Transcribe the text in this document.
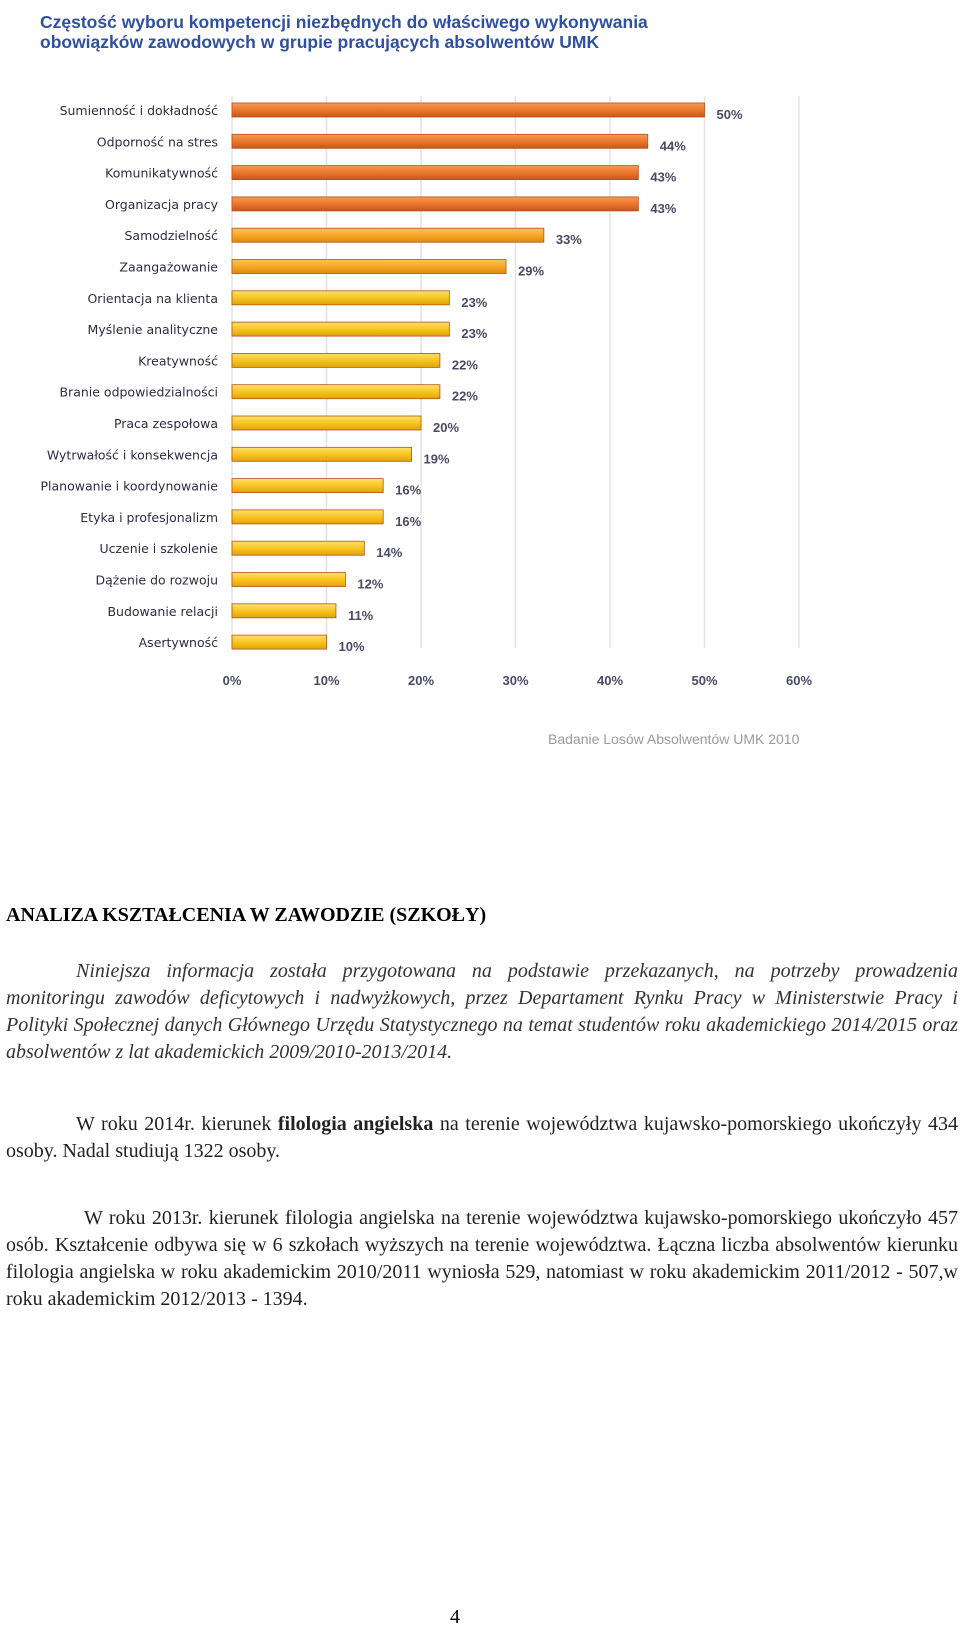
Częstość wyboru kompetencji niezbędnych do właściwego wykonywania obowiązków zawodowych w grupie pracujących absolwentów UMK
Sumienność i dokładność
Odporność na stres
Komunikatywność
Organizacja pracy
Samodzielność
Zaangażowanie
Orientacja na klienta
Myślenie analityczne
Kreatywność
Branie odpowiedzialności
Praca zespołowa
Wytrwałość i konsekwencja
Planowanie i koordynowanie
Etyka i profesjonalizm
Uczenie i szkolenie
Dążenie do rozwoju
Budowanie relacji
Asertywność
50%
44%
43%
43%
33%
29%
23%
23%
22%
22%
20%
19%
16%
16%
14%
12%
11%
10%
0%	10%	20%	30%	40%	50%	60%
Badanie Losów Absolwentów UMK 2010
ANALIZA KSZTAŁCENIA W ZAWODZIE (SZKOŁY)

Niniejsza informacja została przygotowana na podstawie przekazanych, na potrzeby prowadzenia monitoringu zawodów deficytowych i nadwyżkowych, przez Departament Rynku Pracy w Ministerstwie Pracy i Polityki Społecznej danych Głównego Urzędu Statystycznego na temat studentów roku akademickiego 2014/2015 oraz absolwentów z lat akademickich 2009/2010-2013/2014.

W roku 2014r. kierunek filologia angielska na terenie województwa kujawsko-pomorskiego ukończyły 434 osoby. Nadal studiują 1322 osoby.

W roku 2013r. kierunek filologia angielska na terenie województwa kujawsko-pomorskiego ukończyło 457 osób. Kształcenie odbywa się w 6 szkołach wyższych na terenie województwa. Łączna liczba absolwentów kierunku filologia angielska w roku akademickim 2010/2011 wyniosła 529, natomiast w roku akademickim 2011/2012 - 507,w roku akademickim 2012/2013 - 1394.

4
